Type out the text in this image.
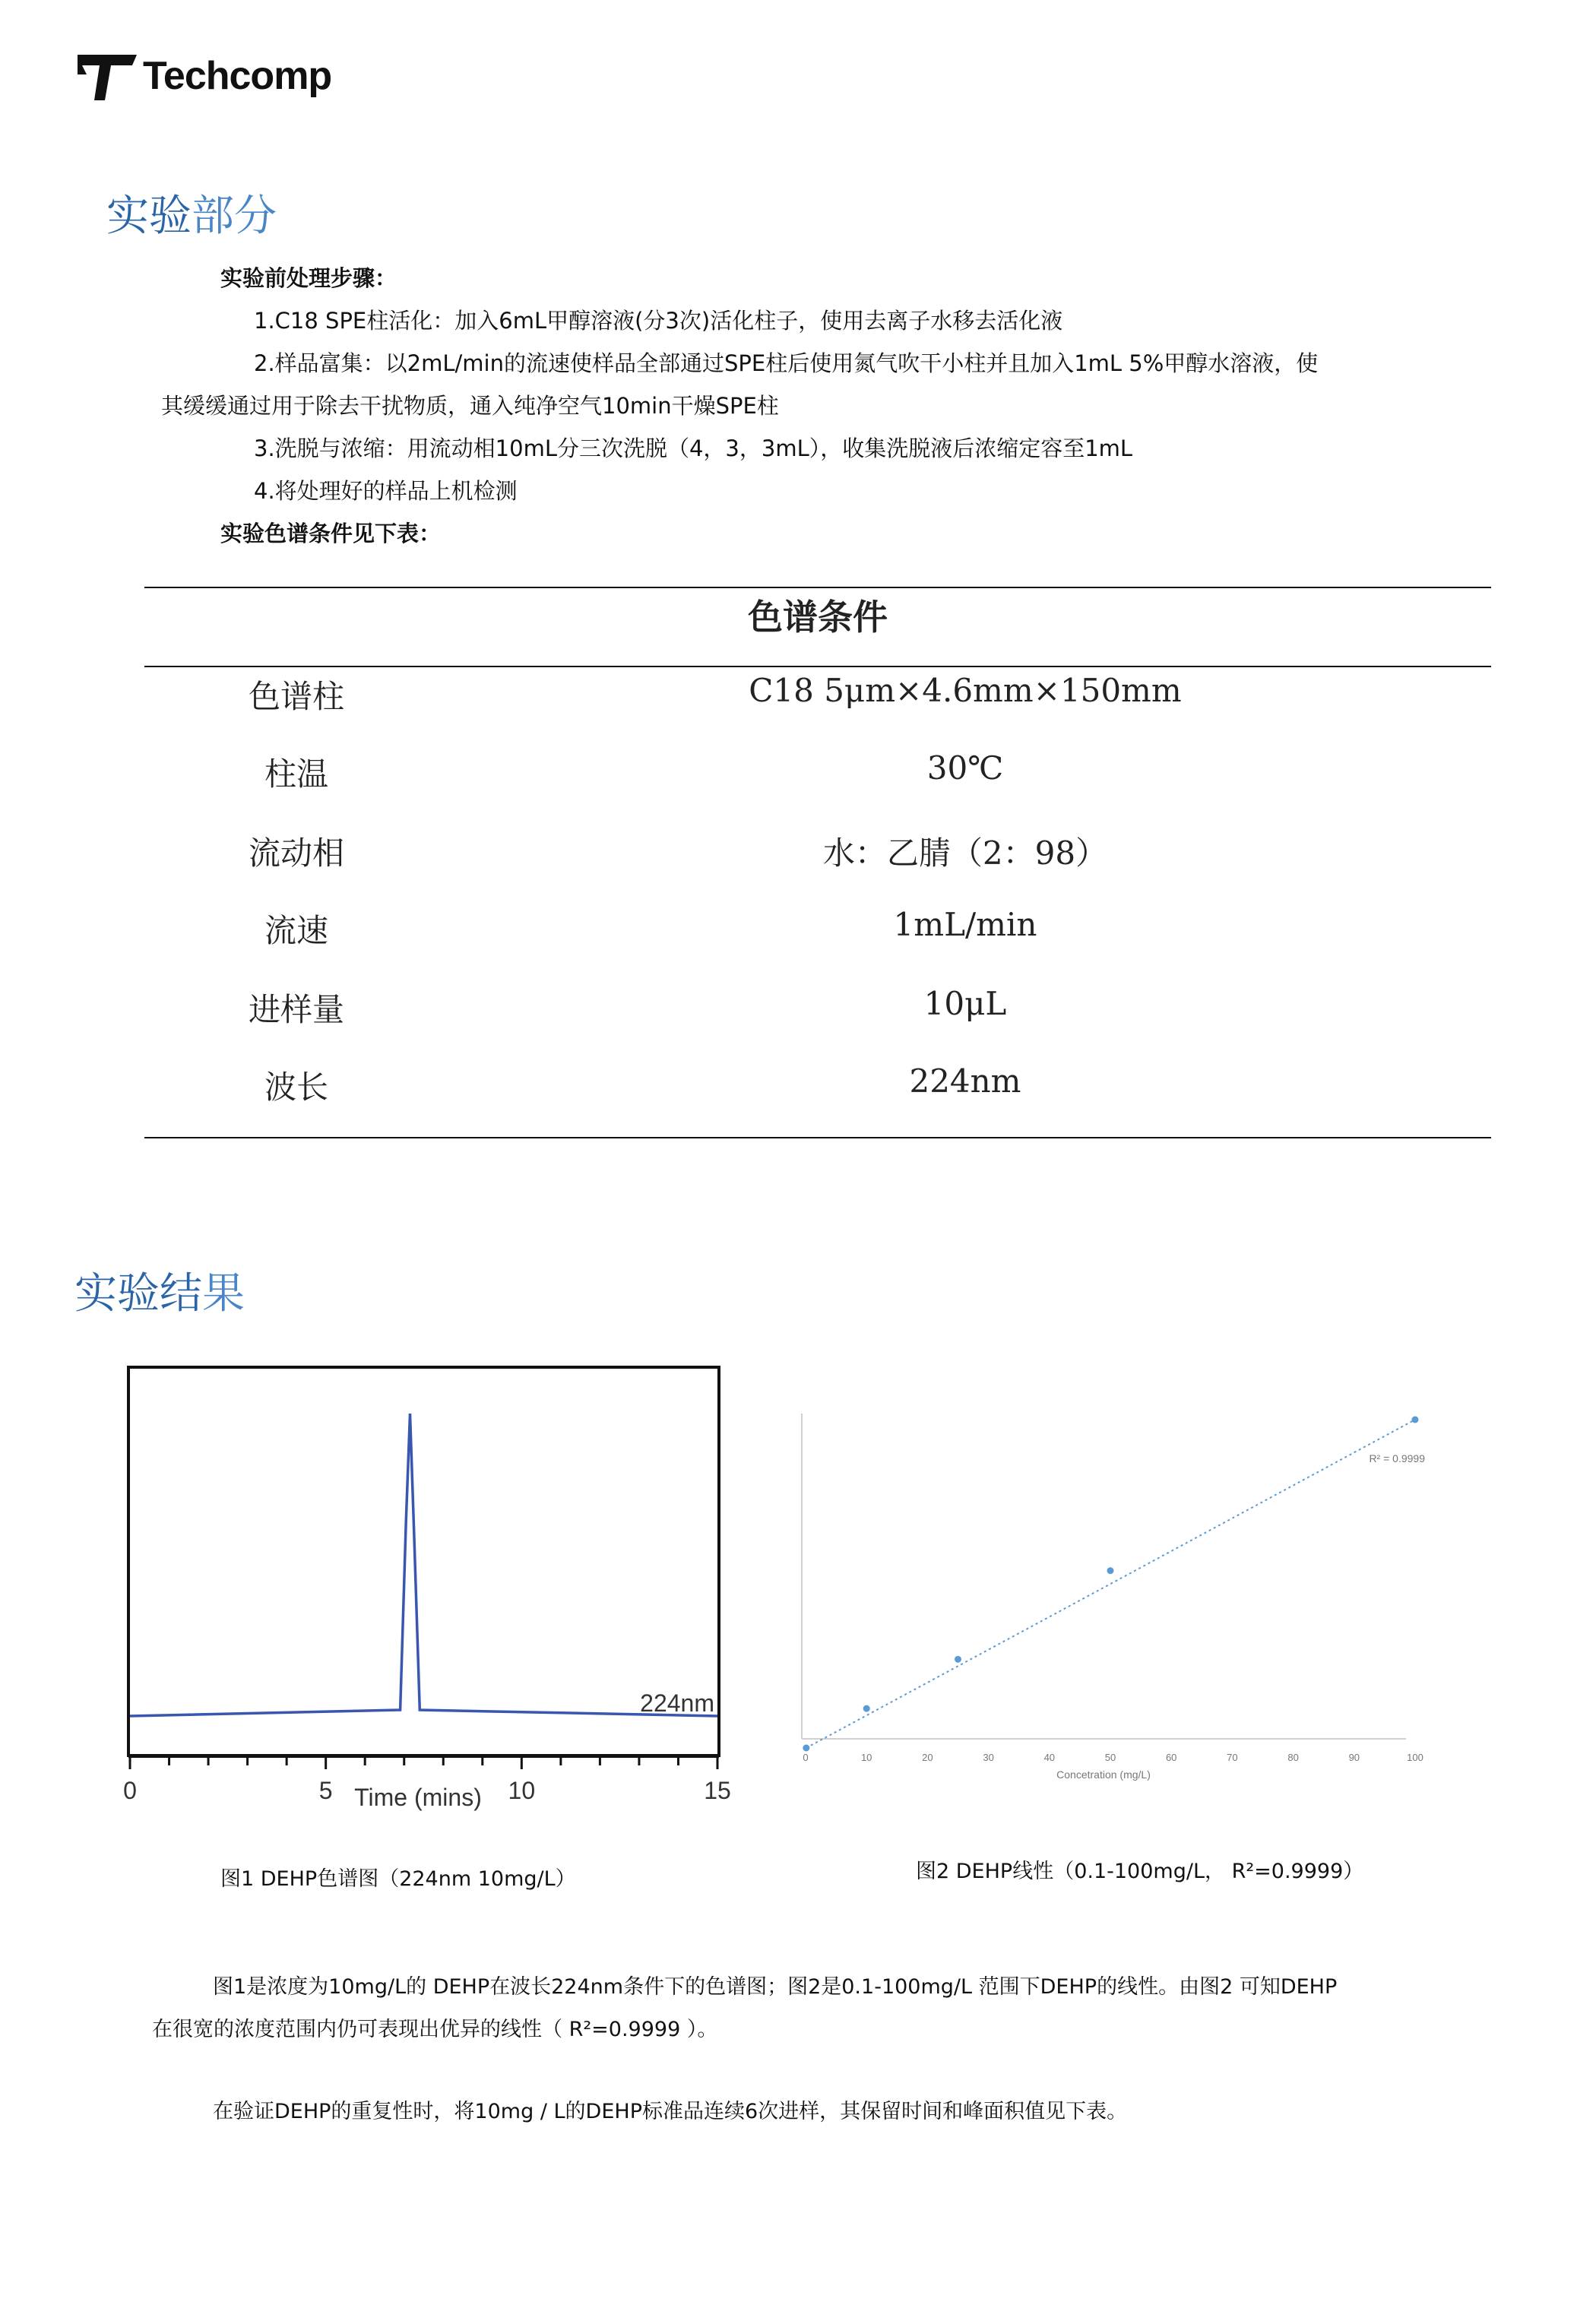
Techcomp
实验部分
实验前处理步骤：
1.C18 SPE柱活化：加入6mL甲醇溶液(分3次)活化柱子，使用去离子水移去活化液
2.样品富集：以2mL/min的流速使样品全部通过SPE柱后使用氮气吹干小柱并且加入1mL 5%甲醇水溶液，使
其缓缓通过用于除去干扰物质，通入纯净空气10min干燥SPE柱
3.洗脱与浓缩：用流动相10mL分三次洗脱（4，3，3mL），收集洗脱液后浓缩定容至1mL
4.将处理好的样品上机检测
实验色谱条件见下表：
色谱条件
色谱柱	C18 5μm×4.6mm×150mm
柱温	30℃
流动相	水：乙腈（2：98）
流速	1mL/min
进样量	10μL
波长	224nm
实验结果
0	5	10	15
224nm
Time (mins)
0	10	20	30	40	50	60	70	80	90	100
R² = 0.9999
Concetration (mg/L)
图1 DEHP色谱图（224nm 10mg/L）	图2 DEHP线性（0.1-100mg/L， R²=0.9999）
图1是浓度为10mg/L的 DEHP在波长224nm条件下的色谱图；图2是0.1-100mg/L 范围下DEHP的线性。由图2 可知DEHP
在很宽的浓度范围内仍可表现出优异的线性（ R²=0.9999 ）。
在验证DEHP的重复性时，将10mg / L的DEHP标准品连续6次进样，其保留时间和峰面积值见下表。
